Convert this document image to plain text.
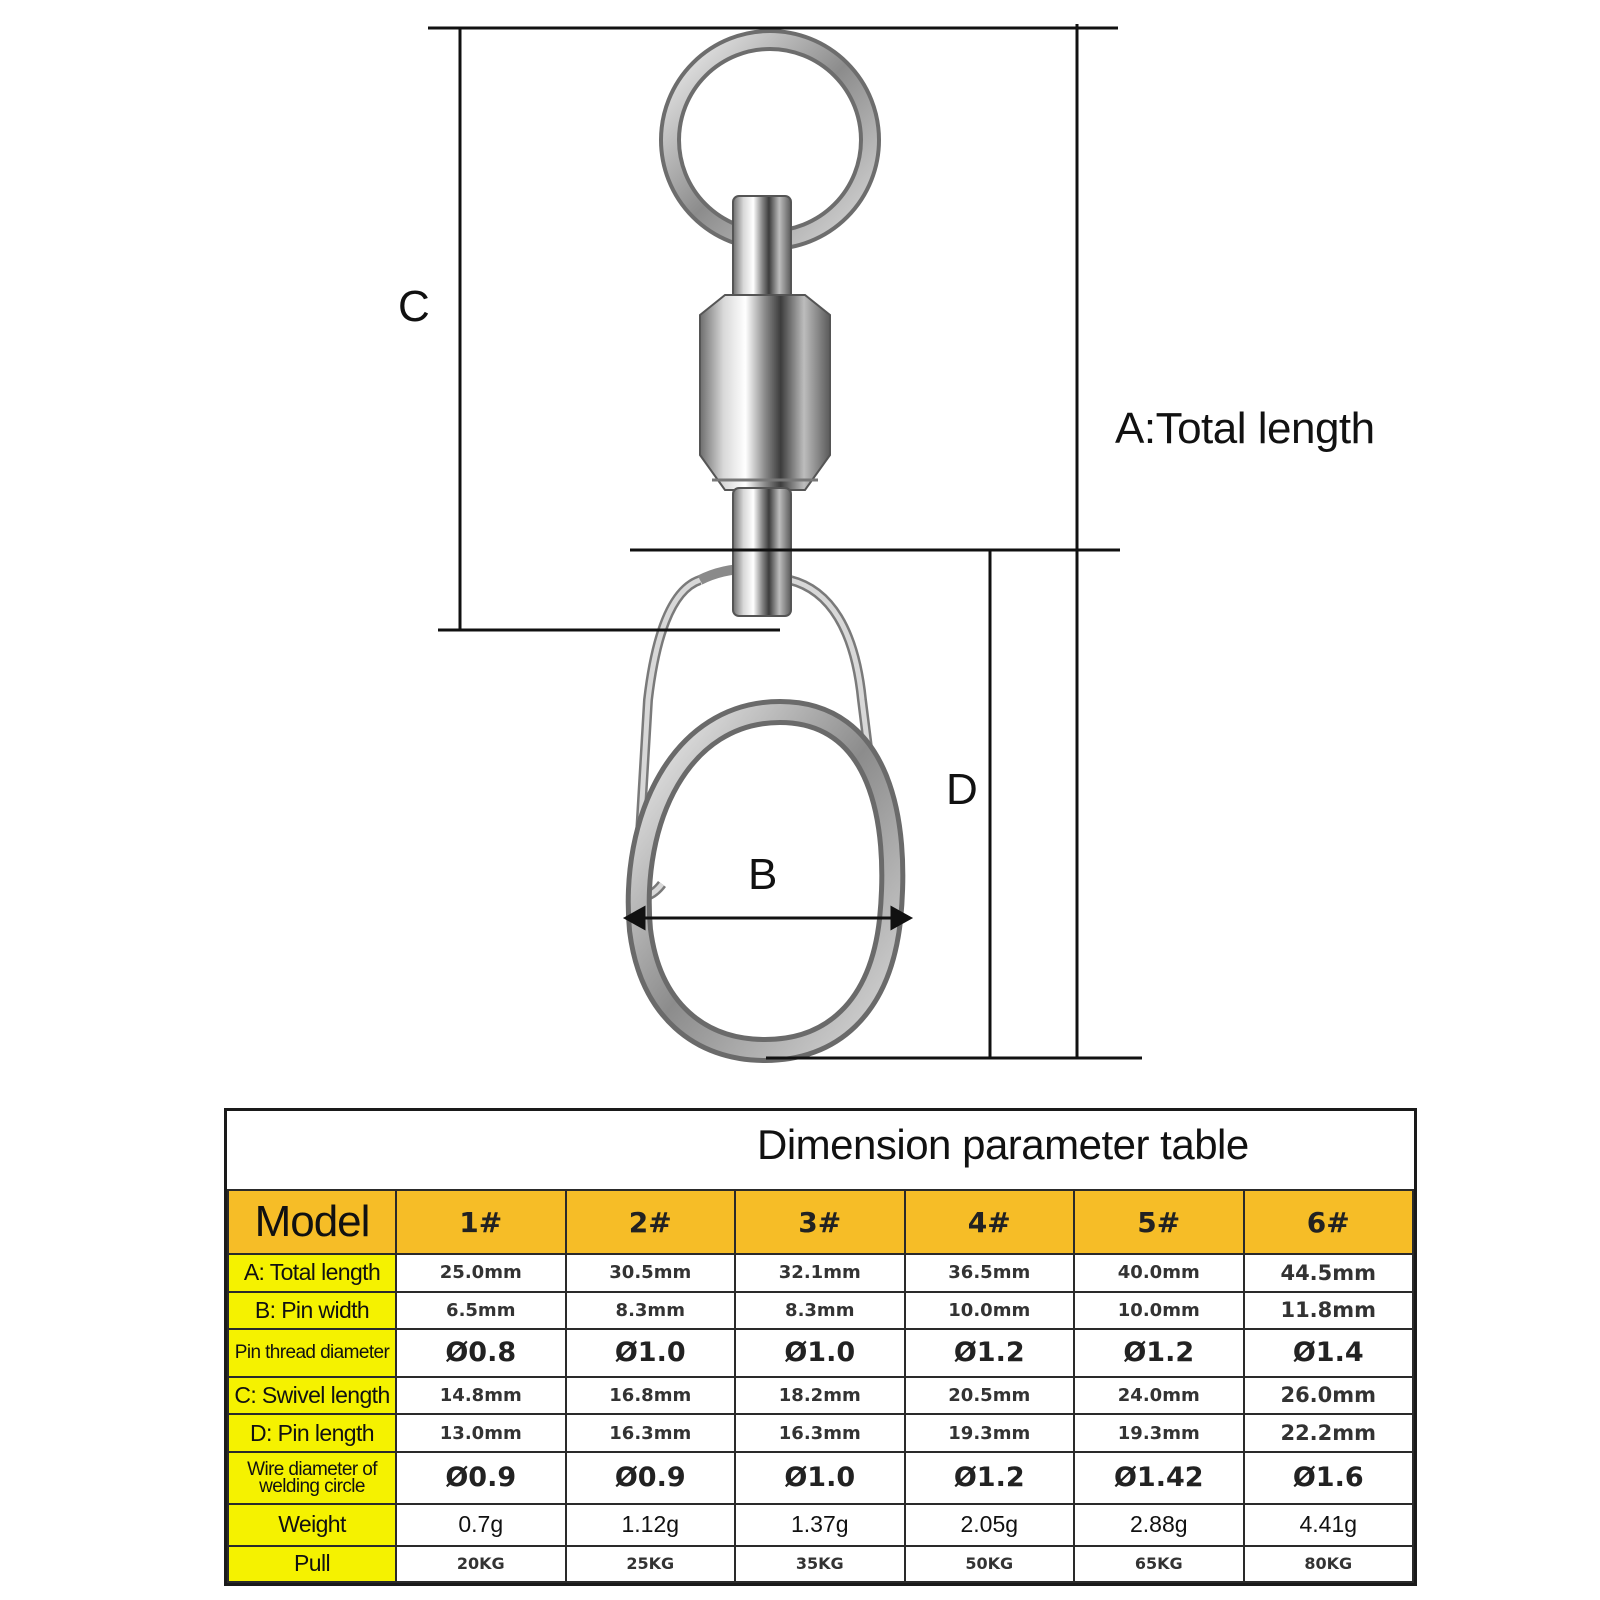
C
A:Total length
D
B
Dimension parameter table
Model	1#	2#	3#	4#	5#	6#
A: Total length	25.0mm	30.5mm	32.1mm	36.5mm	40.0mm	44.5mm
B: Pin width	6.5mm	8.3mm	8.3mm	10.0mm	10.0mm	11.8mm
Pin thread diameter	Ø0.8	Ø1.0	Ø1.0	Ø1.2	Ø1.2	Ø1.4
C: Swivel length	14.8mm	16.8mm	18.2mm	20.5mm	24.0mm	26.0mm
D: Pin length	13.0mm	16.3mm	16.3mm	19.3mm	19.3mm	22.2mm

Wire diameter of
welding circle	Ø0.9	Ø0.9	Ø1.0	Ø1.2	Ø1.42	Ø1.6
Weight	0.7g	1.12g	1.37g	2.05g	2.88g	4.41g
Pull	20KG	25KG	35KG	50KG	65KG	80KG
